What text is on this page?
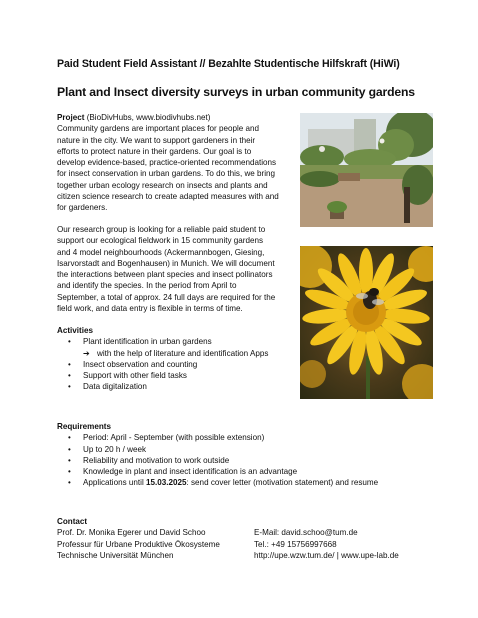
Paid Student Field Assistant // Bezahlte Studentische Hilfskraft (HiWi)
Plant and Insect diversity surveys in urban community gardens
Project (BioDivHubs, www.biodivhubs.net)
Community gardens are important places for people and
nature in the city. We want to support gardeners in their
efforts to protect nature in their gardens. Our goal is to
develop evidence-based, practice-oriented recommendations
for insect conservation in urban gardens. To do this, we bring
together urban ecology research on insects and plants and
citizen science research to create adapted measures with and
for gardeners.
Our research group is looking for a reliable paid student to
support our ecological fieldwork in 15 community gardens
and 4 model neighbourhoods (Ackermannbogen, Giesing,
Isarvorstadt and Bogenhausen) in Munich. We will document
the interactions between plant species and insect pollinators
and identify the species. In the period from April to
September, a total of approx. 24 full days are required for the
field work, and data entry is flexible in terms of time.
Activities
• Plant identification in urban gardens
➔ with the help of literature and identification Apps
• Insect observation and counting
• Support with other field tasks
• Data digitalization
Requirements
• Period: April - September (with possible extension)
• Up to 20 h / week
• Reliability and motivation to work outside
• Knowledge in plant and insect identification is an advantage
• Applications until 15.03.2025: send cover letter (motivation statement) and resume
Contact
Prof. Dr. Monika Egerer und David Schoo
Professur für Urbane Produktive Ökosysteme
Technische Universität München
E-Mail: david.schoo@tum.de
Tel.: +49 15756997668
http://upe.wzw.tum.de/ | www.upe-lab.de
